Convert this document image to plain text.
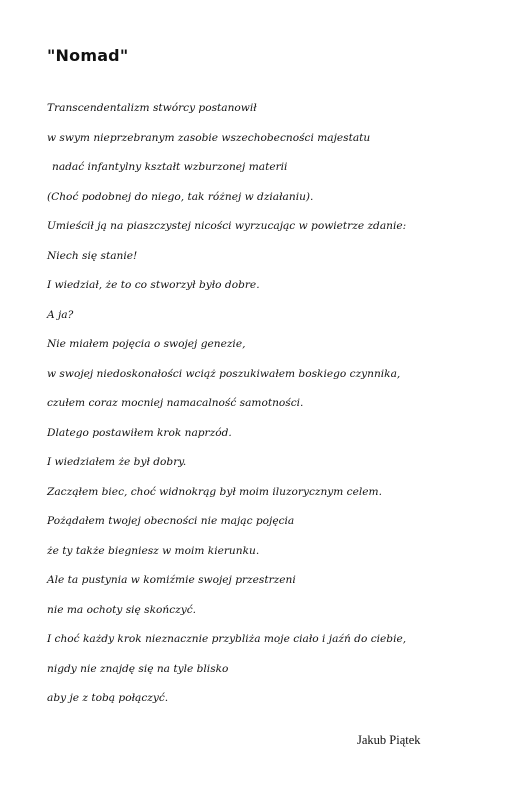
"Nomad"
Transcendentalizm stwórcy postanowił
w swym nieprzebranym zasobie wszechobecności majestatu
nadać infantylny kształt wzburzonej materii
(Choć podobnej do niego, tak różnej w działaniu).
Umieścił ją na piaszczystej nicości wyrzucając w powietrze zdanie:
Niech się stanie!
I wiedział, że to co stworzył było dobre.
A ja?
Nie miałem pojęcia o swojej genezie,
w swojej niedoskonałości wciąż poszukiwałem boskiego czynnika,
czułem coraz mocniej namacalność samotności.
Dlatego postawiłem krok naprzód.
I wiedziałem że był dobry.
Zacząłem biec, choć widnokrąg był moim iluzorycznym celem.
Pożądałem twojej obecności nie mając pojęcia
że ty także biegniesz w moim kierunku.
Ale ta pustynia w komiźmie swojej przestrzeni
nie ma ochoty się skończyć.
I choć każdy krok nieznacznie przybliża moje ciało i jaźń do ciebie,
nigdy nie znajdę się na tyle blisko
aby je z tobą połączyć.

Jakub Piątek
